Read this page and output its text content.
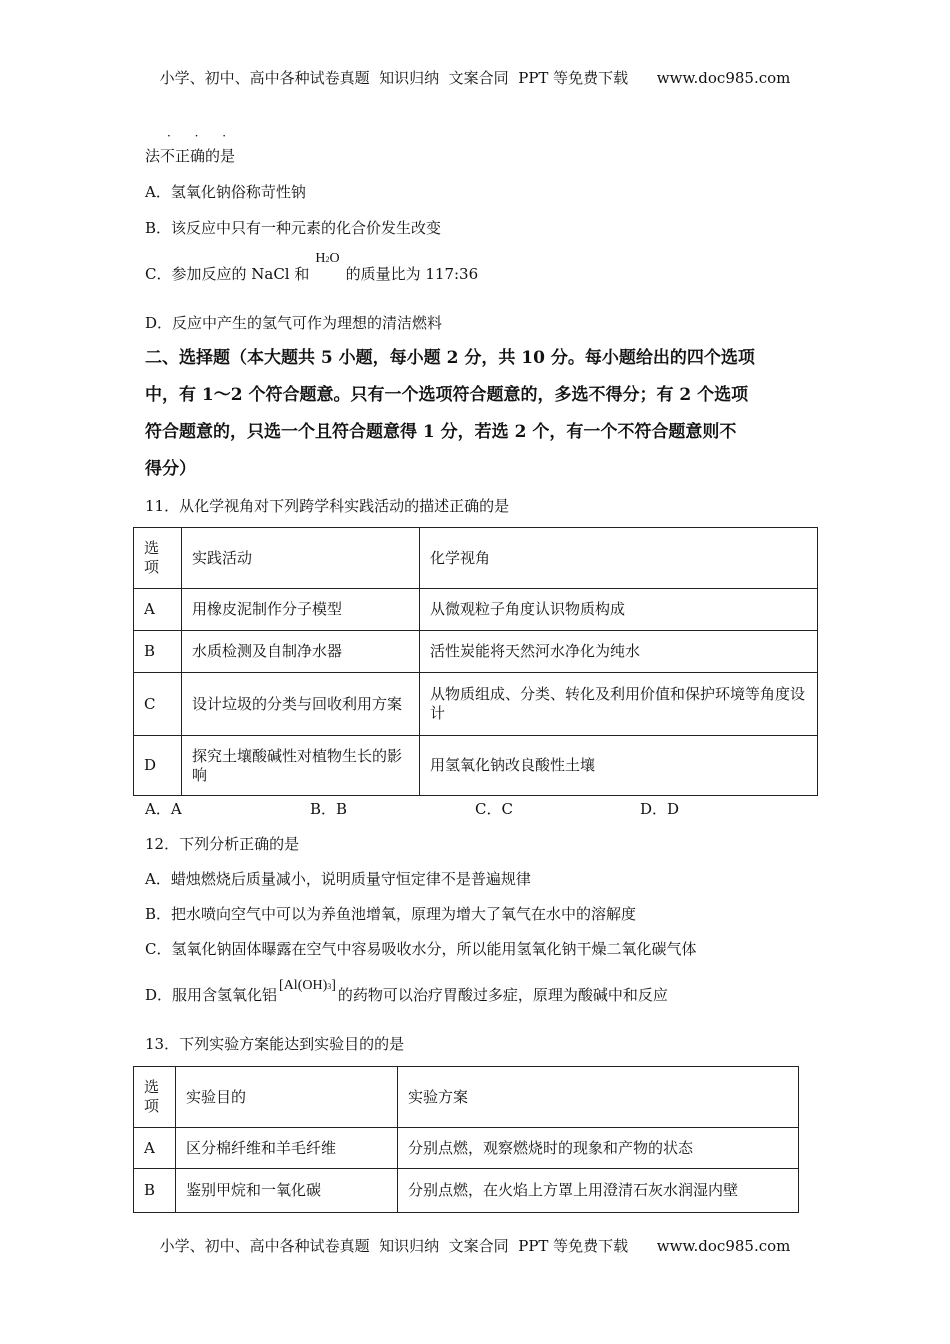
小学、初中、高中各种试卷真题  知识归纳  文案合同  PPT 等免费下载      www.doc985.com
· · ·
法不正确的是
A．氢氧化钠俗称苛性钠
B．该反应中只有一种元素的化合价发生改变
C．参加反应的 NaCl 和H2O的质量比为 117:36
D．反应中产生的氢气可作为理想的清洁燃料
二、选择题（本大题共 5 小题，每小题 2 分，共 10 分。每小题给出的四个选项
中，有 1～2 个符合题意。只有一个选项符合题意的，多选不得分；有 2 个选项
符合题意的，只选一个且符合题意得 1 分，若选 2 个，有一个不符合题意则不
得分）
11．从化学视角对下列跨学科实践活动的描述正确的是
选项	实践活动	化学视角
A	用橡皮泥制作分子模型	从微观粒子角度认识物质构成
B	水质检测及自制净水器	活性炭能将天然河水净化为纯水
C	设计垃圾的分类与回收利用方案	从物质组成、分类、转化及利用价值和保护环境等角度设计
D	探究土壤酸碱性对植物生长的影响	用氢氧化钠改良酸性土壤
A．A	B．B	C．C	D．D
12．下列分析正确的是
A．蜡烛燃烧后质量减小，说明质量守恒定律不是普遍规律
B．把水喷向空气中可以为养鱼池增氧，原理为增大了氧气在水中的溶解度
C．氢氧化钠固体曝露在空气中容易吸收水分，所以能用氢氧化钠干燥二氧化碳气体
D．服用含氢氧化铝[Al(OH)3]的药物可以治疗胃酸过多症，原理为酸碱中和反应
13．下列实验方案能达到实验目的的是
选项	实验目的	实验方案
A	区分棉纤维和羊毛纤维	分别点燃，观察燃烧时的现象和产物的状态
B	鉴别甲烷和一氧化碳	分别点燃，在火焰上方罩上用澄清石灰水润湿内壁
小学、初中、高中各种试卷真题  知识归纳  文案合同  PPT 等免费下载      www.doc985.com
